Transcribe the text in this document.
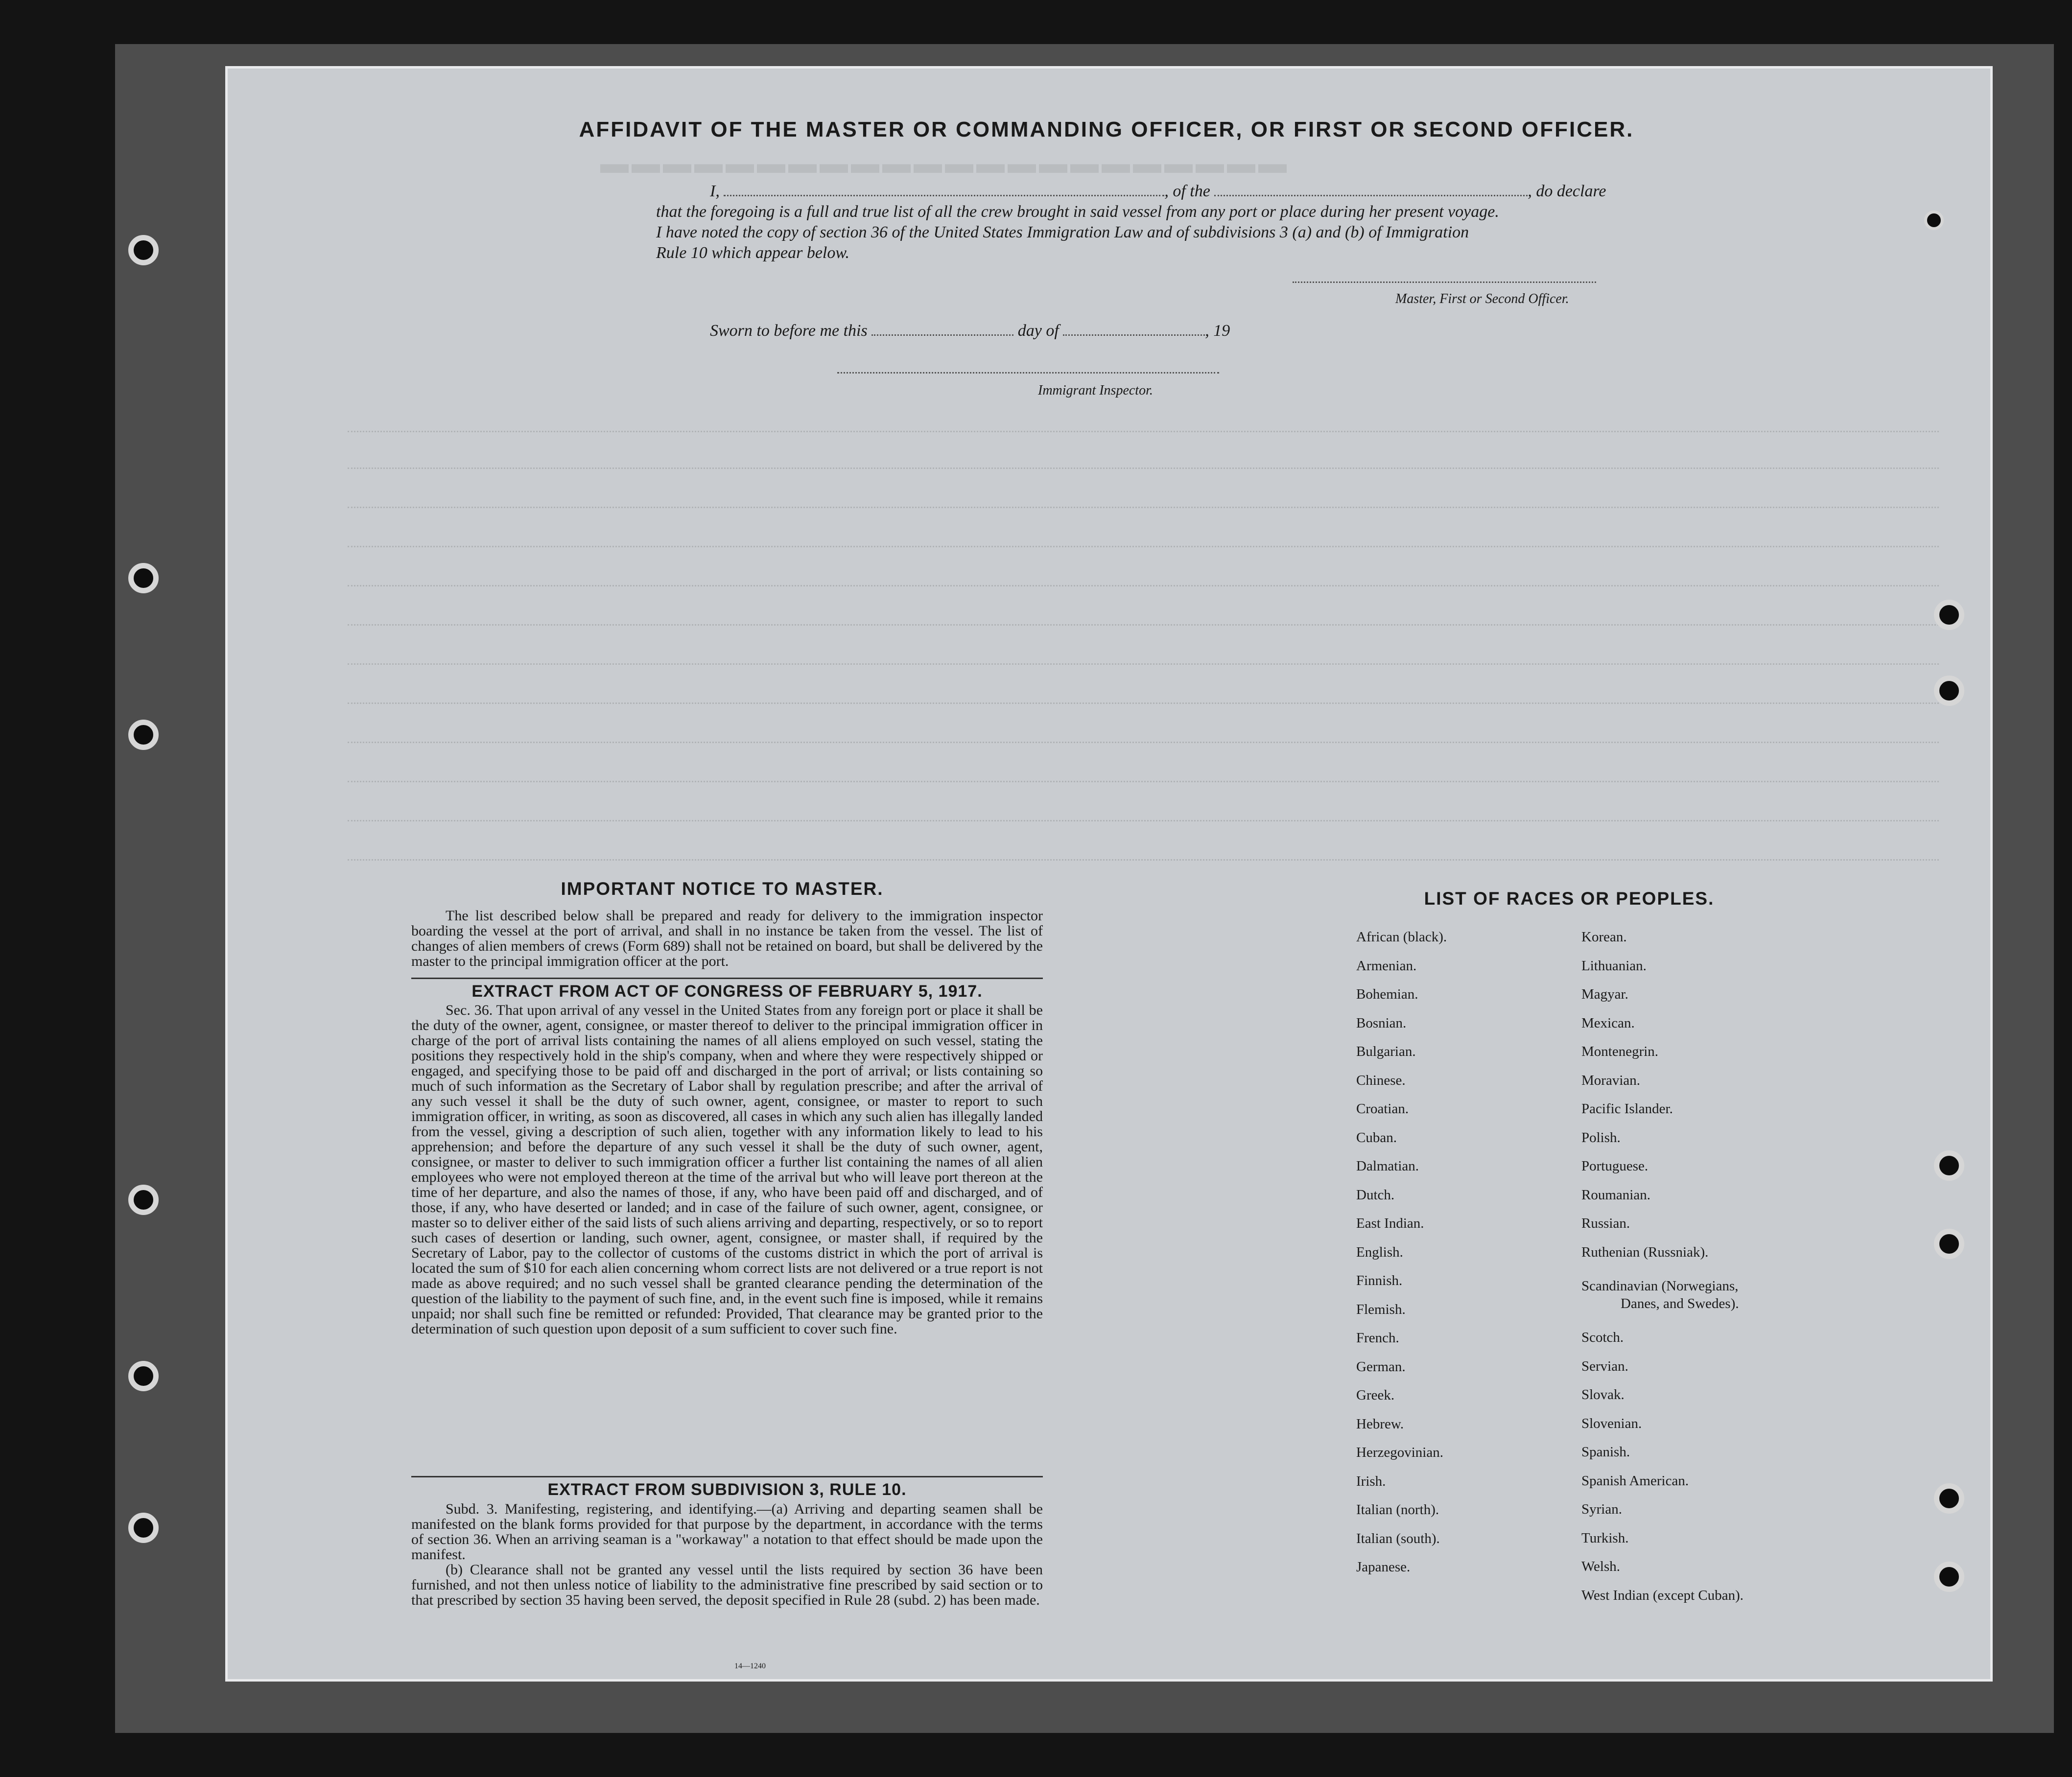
▬▬▬▬▬▬▬▬▬▬▬▬▬▬▬▬▬▬▬▬▬▬
AFFIDAVIT OF THE MASTER OR COMMANDING OFFICER, OR FIRST OR SECOND OFFICER.
I,	, of the	, do declare
that the foregoing is a full and true list of all the crew brought in said vessel from any port or place during her present voyage.
I have noted the copy of section 36 of the United States Immigration Law and of subdivisions 3 (a) and (b) of Immigration
Rule 10 which appear below.
Master, First or Second Officer.
Sworn to before me this	day of	, 19
Immigrant Inspector.
IMPORTANT NOTICE TO MASTER.

The list described below shall be prepared and ready for delivery to the immigration inspector boarding the vessel at the port of arrival, and shall in no instance be taken from the vessel. The list of changes of alien members of crews (Form 689) shall not be retained on board, but shall be delivered by the master to the principal immigration officer at the port.

EXTRACT FROM ACT OF CONGRESS OF FEBRUARY 5, 1917.

Sec. 36. That upon arrival of any vessel in the United States from any foreign port or place it shall be the duty of the owner, agent, consignee, or master thereof to deliver to the principal immigration officer in charge of the port of arrival lists containing the names of all aliens employed on such vessel, stating the positions they respectively hold in the ship's company, when and where they were respectively shipped or engaged, and specifying those to be paid off and discharged in the port of arrival; or lists containing so much of such information as the Secretary of Labor shall by regulation prescribe; and after the arrival of any such vessel it shall be the duty of such owner, agent, consignee, or master to report to such immigration officer, in writing, as soon as discovered, all cases in which any such alien has illegally landed from the vessel, giving a description of such alien, together with any information likely to lead to his apprehension; and before the departure of any such vessel it shall be the duty of such owner, agent, consignee, or master to deliver to such immigration officer a further list containing the names of all alien employees who were not employed thereon at the time of the arrival but who will leave port thereon at the time of her departure, and also the names of those, if any, who have been paid off and discharged, and of those, if any, who have deserted or landed; and in case of the failure of such owner, agent, consignee, or master so to deliver either of the said lists of such aliens arriving and departing, respectively, or so to report such cases of desertion or landing, such owner, agent, consignee, or master shall, if required by the Secretary of Labor, pay to the collector of customs of the customs district in which the port of arrival is located the sum of $10 for each alien concerning whom correct lists are not delivered or a true report is not made as above required; and no such vessel shall be granted clearance pending the determination of the question of the liability to the payment of such fine, and, in the event such fine is imposed, while it remains unpaid; nor shall such fine be remitted or refunded: Provided, That clearance may be granted prior to the determination of such question upon deposit of a sum sufficient to cover such fine.

EXTRACT FROM SUBDIVISION 3, RULE 10.

Subd. 3. Manifesting, registering, and identifying.—(a) Arriving and departing seamen shall be manifested on the blank forms provided for that purpose by the department, in accordance with the terms of section 36. When an arriving seaman is a "workaway" a notation to that effect should be made upon the manifest.

(b) Clearance shall not be granted any vessel until the lists required by section 36 have been furnished, and not then unless notice of liability to the administrative fine prescribed by said section or to that prescribed by section 35 having been served, the deposit specified in Rule 28 (subd. 2) has been made.

14—1240
LIST OF RACES OR PEOPLES.
African (black).
Armenian.
Bohemian.
Bosnian.
Bulgarian.
Chinese.
Croatian.
Cuban.
Dalmatian.
Dutch.
East Indian.
English.
Finnish.
Flemish.
French.
German.
Greek.
Hebrew.
Herzegovinian.
Irish.
Italian (north).
Italian (south).
Japanese.
Korean.
Lithuanian.
Magyar.
Mexican.
Montenegrin.
Moravian.
Pacific Islander.
Polish.
Portuguese.
Roumanian.
Russian.
Ruthenian (Russniak).
Scandinavian (Norwegians,
Danes, and Swedes).
Scotch.
Servian.
Slovak.
Slovenian.
Spanish.
Spanish American.
Syrian.
Turkish.
Welsh.
West Indian (except Cuban).
